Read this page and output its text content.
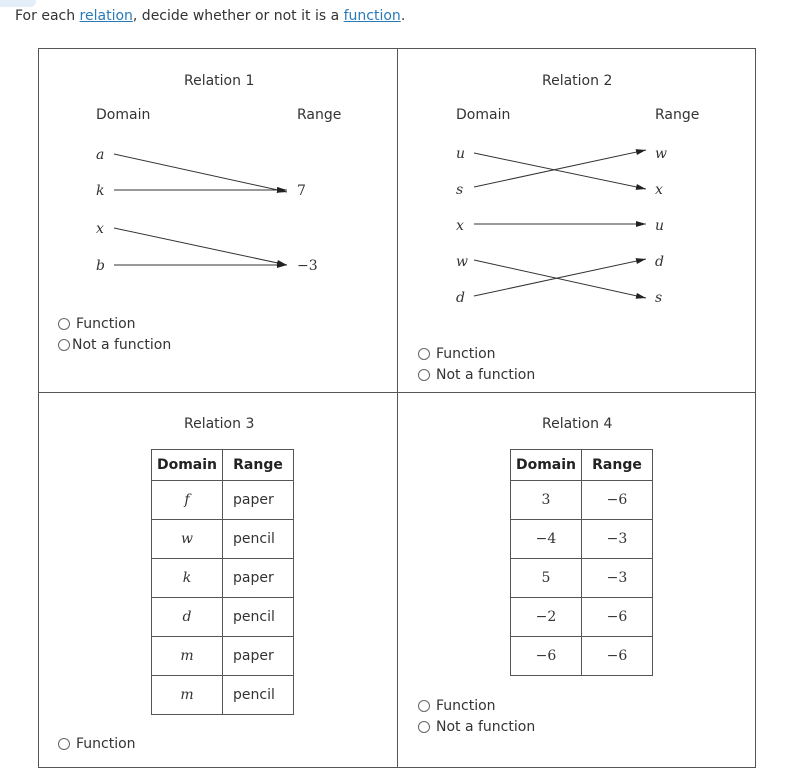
For each relation, decide whether or not it is a function.
Relation 1
Domain	Range
a
k
x
b
7
−3
Function
Not a function
Relation 2
Domain	Range
u
s
x
w
d
w
x
u
d
s
Function
Not a function
Relation 3
Domain	Range
f	paper
w	pencil
k	paper
d	pencil
m	paper
m	pencil
Function
Relation 4
Domain	Range
3	−6
−4	−3
5	−3
−2	−6
−6	−6
Function
Not a function
